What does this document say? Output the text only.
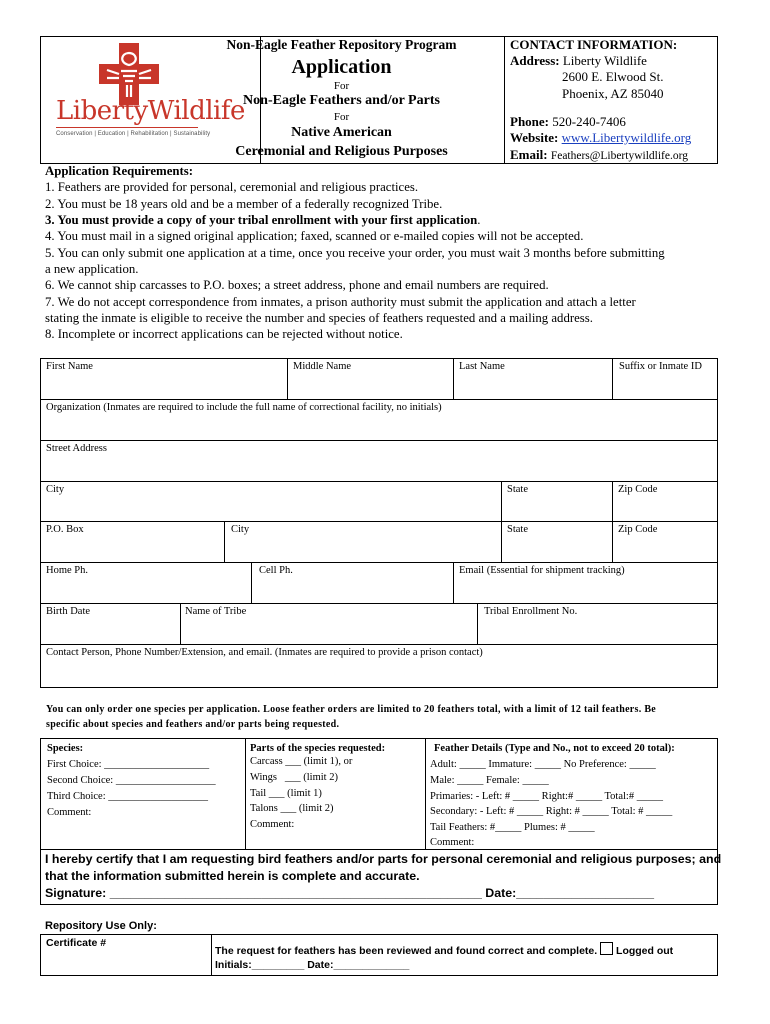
LibertyWildlife
Conservation | Education | Rehabilitation | Sustainability
Non-Eagle Feather Repository Program
Application
For
Non-Eagle Feathers and/or Parts
For
Native American
Ceremonial and Religious Purposes
CONTACT INFORMATION:
Address: Liberty Wildlife
2600 E. Elwood St.
Phoenix, AZ 85040
Phone: 520-240-7406
Website: www.Libertywildlife.org
Email: Feathers@Libertywildlife.org
Application Requirements:
1. Feathers are provided for personal, ceremonial and religious practices.
2. You must be 18 years old and be a member of a federally recognized Tribe.
3. You must provide a copy of your tribal enrollment with your first application.
4. You must mail in a signed original application; faxed, scanned or e-mailed copies will not be accepted.
5. You can only submit one application at a time, once you receive your order, you must wait 3 months before submitting
a new application.
6. We cannot ship carcasses to P.O. boxes; a street address, phone and email numbers are required.
7. We do not accept correspondence from inmates, a prison authority must submit the application and attach a letter
stating the inmate is eligible to receive the number and species of feathers requested and a mailing address.
8. Incomplete or incorrect applications can be rejected without notice.
First Name	Middle Name	Last Name	Suffix or Inmate ID
Organization (Inmates are required to include the full name of correctional facility, no initials)
Street Address
City	State	Zip Code
P.O. Box	City	State	Zip Code
Home Ph.	Cell Ph.	Email (Essential for shipment tracking)
Birth Date	Name of Tribe	Tribal Enrollment No.
Contact Person, Phone Number/Extension, and email. (Inmates are required to provide a prison contact)
You can only order one species per application. Loose feather orders are limited to 20 feathers total, with a limit of 12 tail feathers. Be
specific about species and feathers and/or parts being requested.
Species:
First Choice: ____________________
Second Choice: ___________________
Third Choice: ___________________
Comment:
Parts of the species requested:
Carcass ___ (limit 1), or
Wings   ___ (limit 2)
Tail ___ (limit 1)
Talons ___ (limit 2)
Comment:
Feather Details (Type and No., not to exceed 20 total):
Adult: _____ Immature: _____ No Preference: _____
Male: _____ Female: _____
Primaries: - Left: # _____ Right:# _____ Total:# _____
Secondary: - Left: # _____ Right: # _____ Total: # _____
Tail Feathers: #_____ Plumes: # _____
Comment:
I hereby certify that I am requesting bird feathers and/or parts for personal ceremonial and religious purposes; and
that the information submitted herein is complete and accurate.
Signature: ______________________________________________________ Date:____________________
Repository Use Only:
Certificate #
The request for feathers has been reviewed and found correct and complete. Logged out
Initials:_________ Date:_____________
